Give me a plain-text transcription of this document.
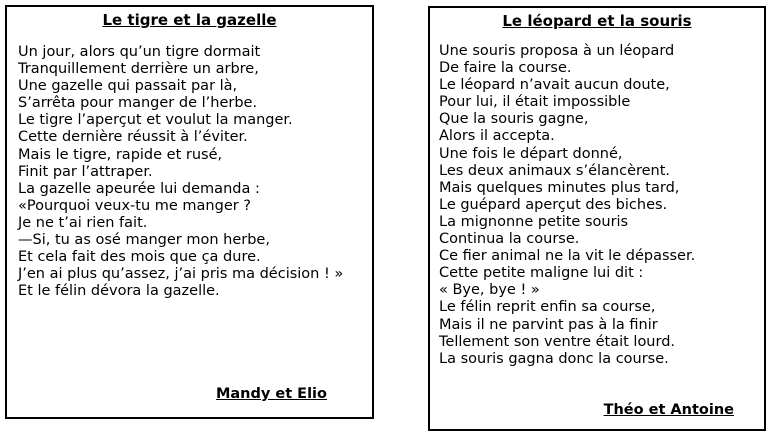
Le tigre et la gazelle
Un jour, alors qu’un tigre dormait
Tranquillement derrière un arbre,
Une gazelle qui passait par là,
S’arrêta pour manger de l’herbe.
Le tigre l’aperçut et voulut la manger.
Cette dernière réussit à l’éviter.
Mais le tigre, rapide et rusé,
Finit par l’attraper.
La gazelle apeurée lui demanda :
«Pourquoi veux-tu me manger ?
Je ne t’ai rien fait.
—Si, tu as osé manger mon herbe,
Et cela fait des mois que ça dure.
J’en ai plus qu’assez, j’ai pris ma décision ! »
Et le félin dévora la gazelle.
Mandy et Elio
Le léopard et la souris
Une souris proposa à un léopard
De faire la course.
Le léopard n’avait aucun doute,
Pour lui, il était impossible
Que la souris gagne,
Alors il accepta.
Une fois le départ donné,
Les deux animaux s’élancèrent.
Mais quelques minutes plus tard,
Le guépard aperçut des biches.
La mignonne petite souris
Continua la course.
Ce fier animal ne la vit le dépasser.
Cette petite maligne lui dit :
« Bye, bye ! »
Le félin reprit enfin sa course,
Mais il ne parvint pas à la finir
Tellement son ventre était lourd.
La souris gagna donc la course.
Théo et Antoine
